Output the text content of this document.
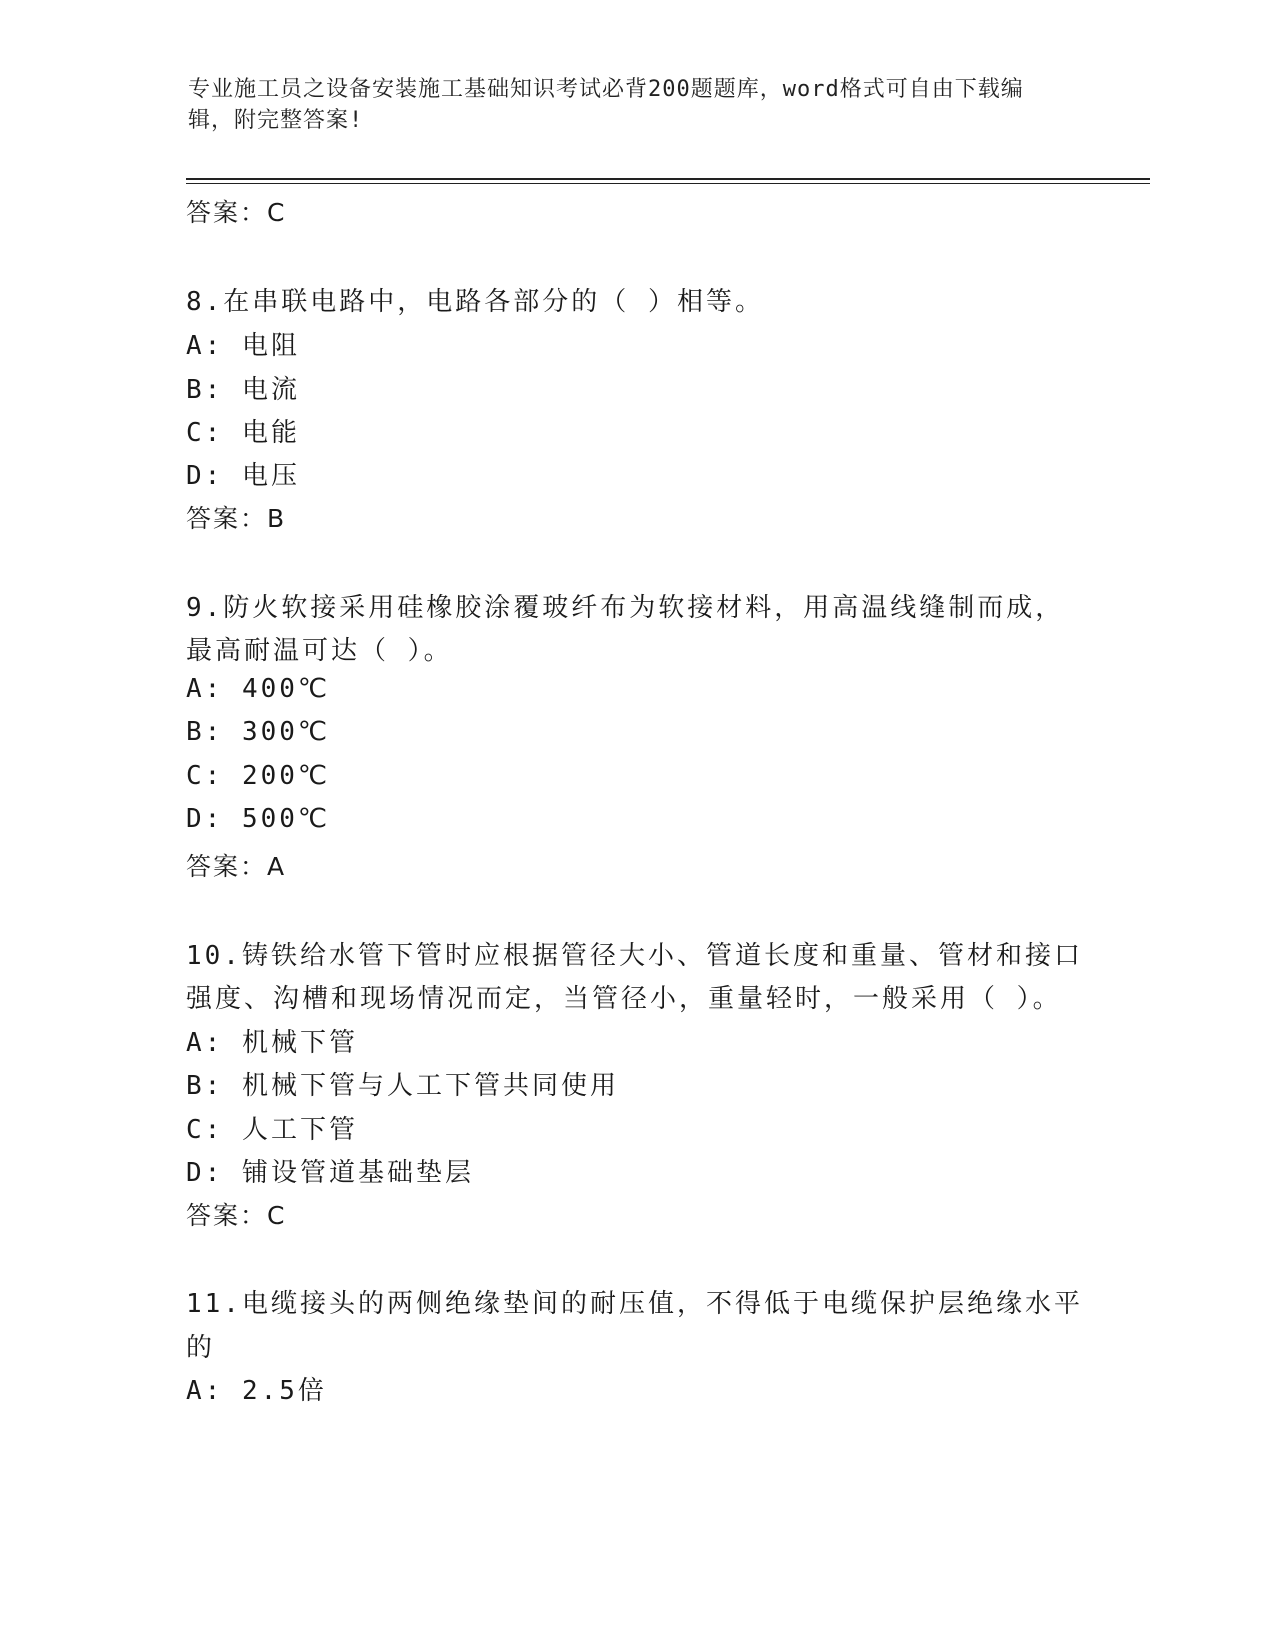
专业施工员之设备安装施工基础知识考试必背200题题库，word格式可自由下载编辑，附完整答案!
答案：C
8.在串联电路中，电路各部分的（ ）相等。
A: 电阻
B: 电流
C: 电能
D: 电压
答案：B
9.防火软接采用硅橡胶涂覆玻纤布为软接材料，用高温线缝制而成，
最高耐温可达（ ）。
A: 400℃
B: 300℃
C: 200℃
D: 500℃
答案：A
10.铸铁给水管下管时应根据管径大小、管道长度和重量、管材和接口
强度、沟槽和现场情况而定，当管径小，重量轻时，一般采用（ ）。
A: 机械下管
B: 机械下管与人工下管共同使用
C: 人工下管
D: 铺设管道基础垫层
答案：C
11.电缆接头的两侧绝缘垫间的耐压值，不得低于电缆保护层绝缘水平
的
A: 2.5倍
